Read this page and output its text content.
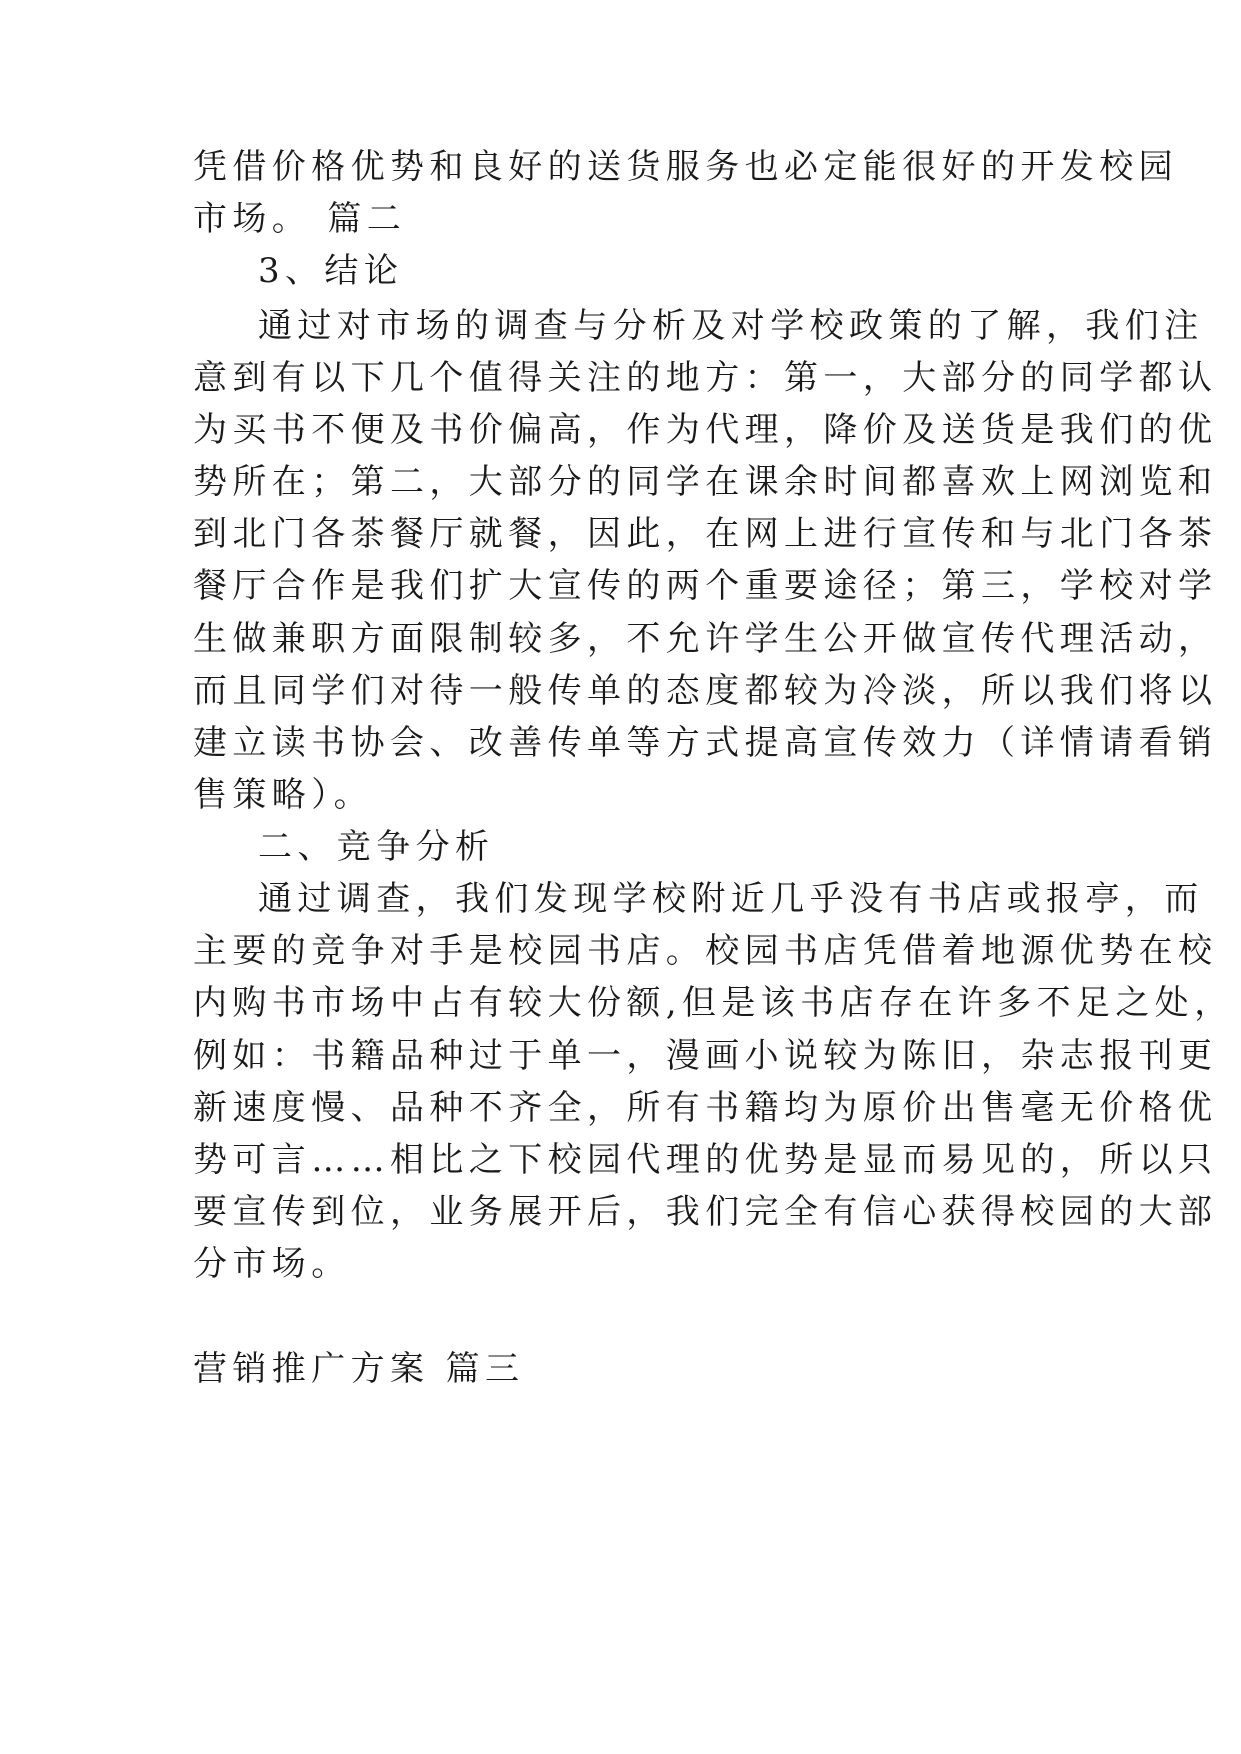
凭借价格优势和良好的送货服务也必定能很好的开发校园
市场。 篇二
3、结论
通过对市场的调查与分析及对学校政策的了解，我们注
意到有以下几个值得关注的地方：第一，大部分的同学都认
为买书不便及书价偏高，作为代理，降价及送货是我们的优
势所在；第二，大部分的同学在课余时间都喜欢上网浏览和
到北门各茶餐厅就餐，因此，在网上进行宣传和与北门各茶
餐厅合作是我们扩大宣传的两个重要途径；第三，学校对学
生做兼职方面限制较多，不允许学生公开做宣传代理活动，
而且同学们对待一般传单的态度都较为冷淡，所以我们将以
建立读书协会、改善传单等方式提高宣传效力（详情请看销
售策略）。
二、竞争分析
通过调查，我们发现学校附近几乎没有书店或报亭，而
主要的竞争对手是校园书店。校园书店凭借着地源优势在校
内购书市场中占有较大份额,但是该书店存在许多不足之处，
例如：书籍品种过于单一，漫画小说较为陈旧，杂志报刊更
新速度慢、品种不齐全，所有书籍均为原价出售毫无价格优
势可言……相比之下校园代理的优势是显而易见的，所以只
要宣传到位，业务展开后，我们完全有信心获得校园的大部
分市场。
营销推广方案 篇三
